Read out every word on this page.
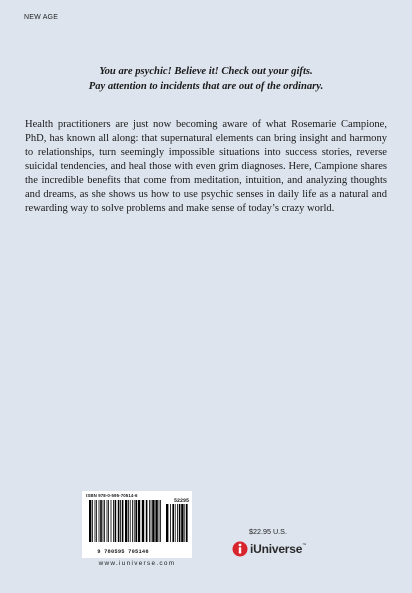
NEW AGE
You are psychic! Believe it! Check out your gifts.
Pay attention to incidents that are out of the ordinary.
Health practitioners are just now becoming aware of what Rosemarie Campione, PhD, has known all along: that supernatural elements can bring insight and harmony to relationships, turn seemingly impossible situations into success stories, reverse suicidal tendencies, and heal those with even grim diagnoses. Here, Campione shares the incredible benefits that come from meditation, intuition, and analyzing thoughts and dreams, as she shows us how to use psychic senses in daily life as a natural and rewarding way to solve problems and make sense of today’s crazy world.
ISBN 978-0-595-70514-6
52295
9 780595 705146
www.iuniverse.com
$22.95 U.S.
iUniverse™
